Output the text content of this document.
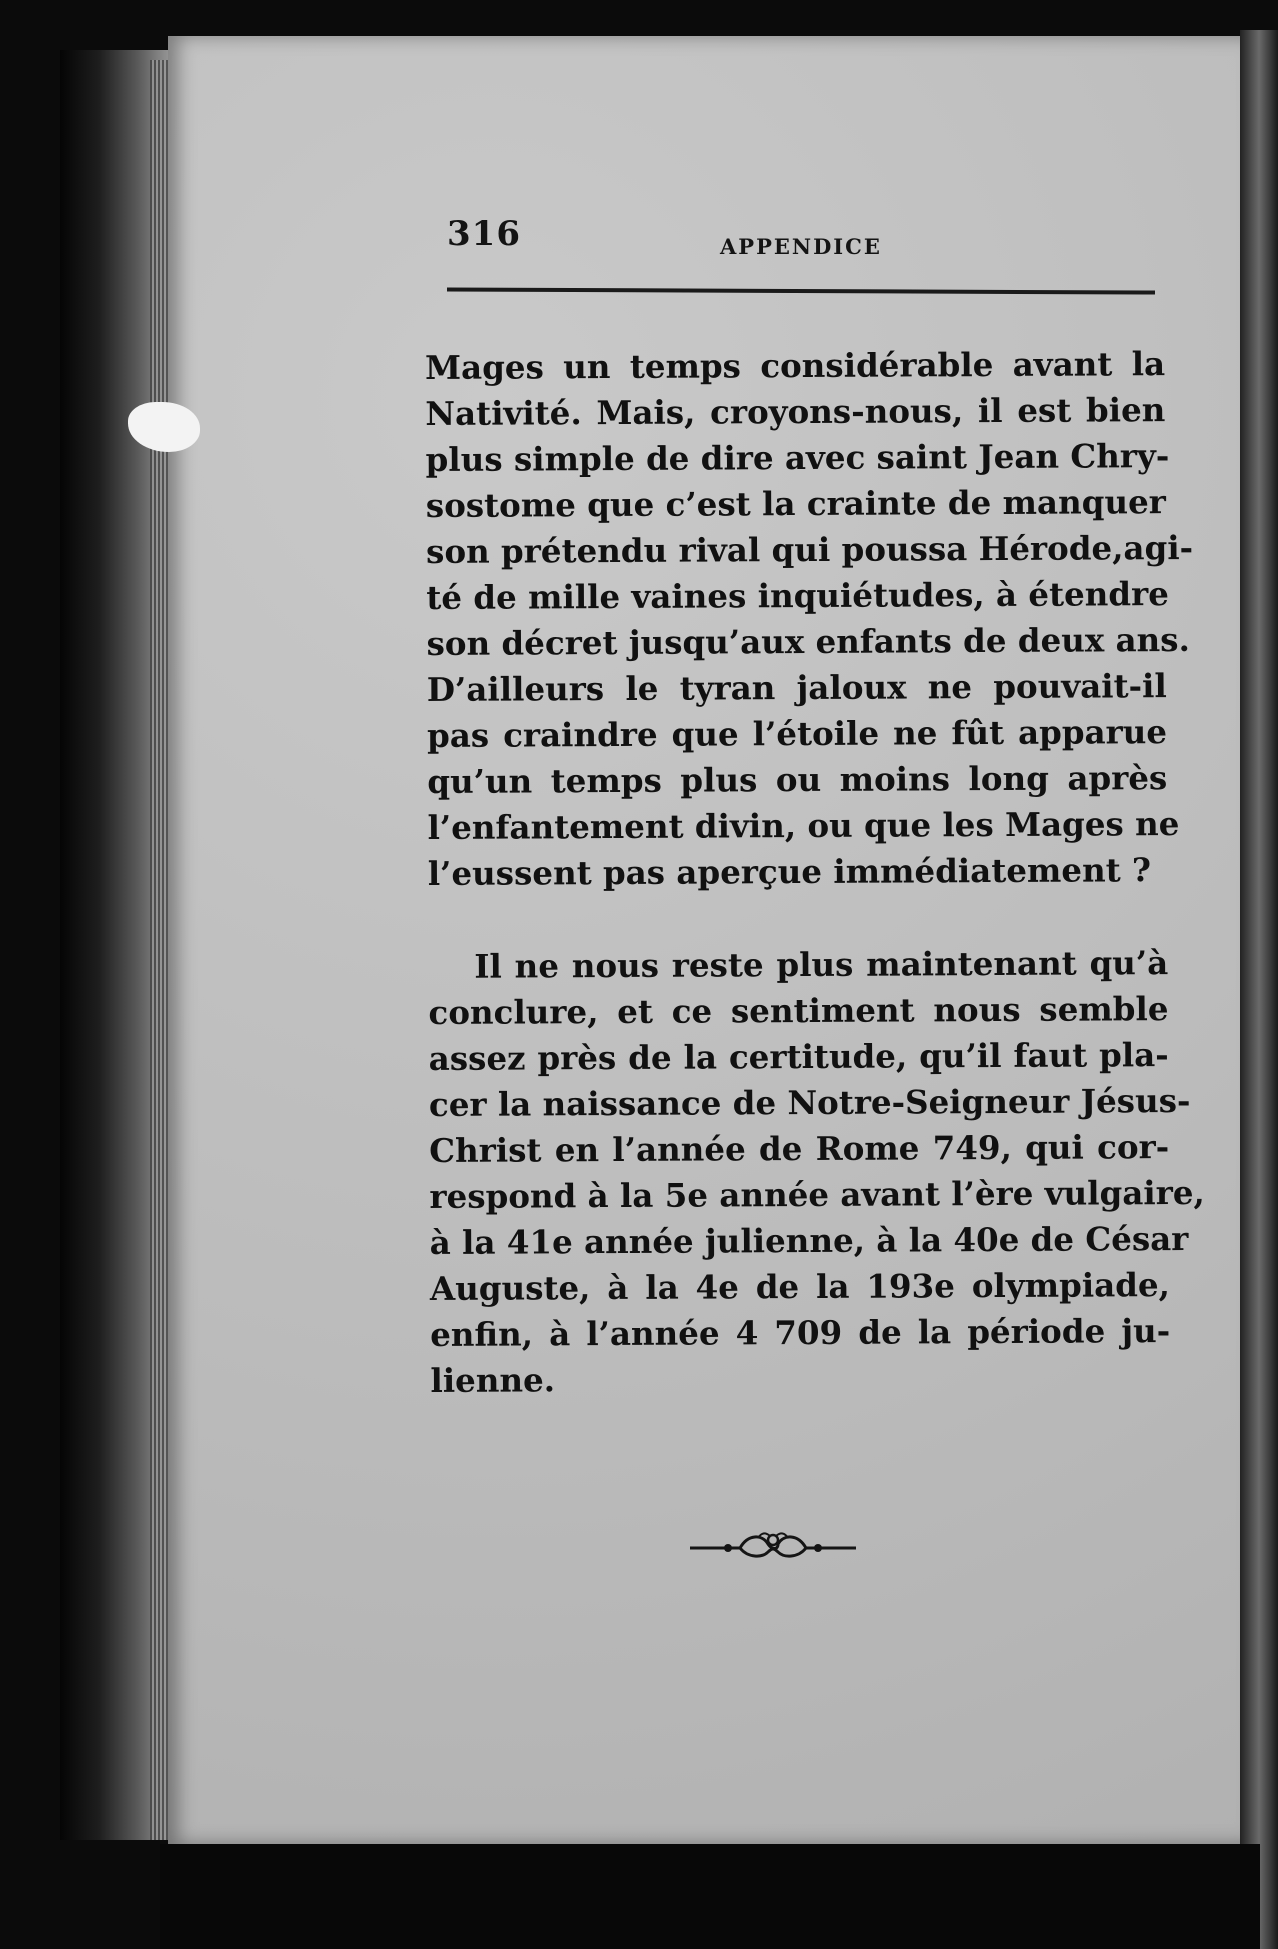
316	APPENDICE
Mages un temps considérable avant la
Nativité. Mais, croyons-nous, il est bien
plus simple de dire avec saint Jean Chry-
sostome que c’est la crainte de manquer
son prétendu rival qui poussa Hérode,agi-
té de mille vaines inquiétudes, à étendre
son décret jusqu’aux enfants de deux ans.
D’ailleurs le tyran jaloux ne pouvait-il
pas craindre que l’étoile ne fût apparue
qu’un temps plus ou moins long après
l’enfantement divin, ou que les Mages ne
l’eussent pas aperçue immédiatement ?
Il ne nous reste plus maintenant qu’à
conclure, et ce sentiment nous semble
assez près de la certitude, qu’il faut pla-
cer la naissance de Notre-Seigneur Jésus-
Christ en l’année de Rome 749, qui cor-
respond à la 5e année avant l’ère vulgaire,
à la 41e année julienne, à la 40e de César
Auguste, à la 4e de la 193e olympiade,
enfin, à l’année 4 709 de la période ju-
lienne.
